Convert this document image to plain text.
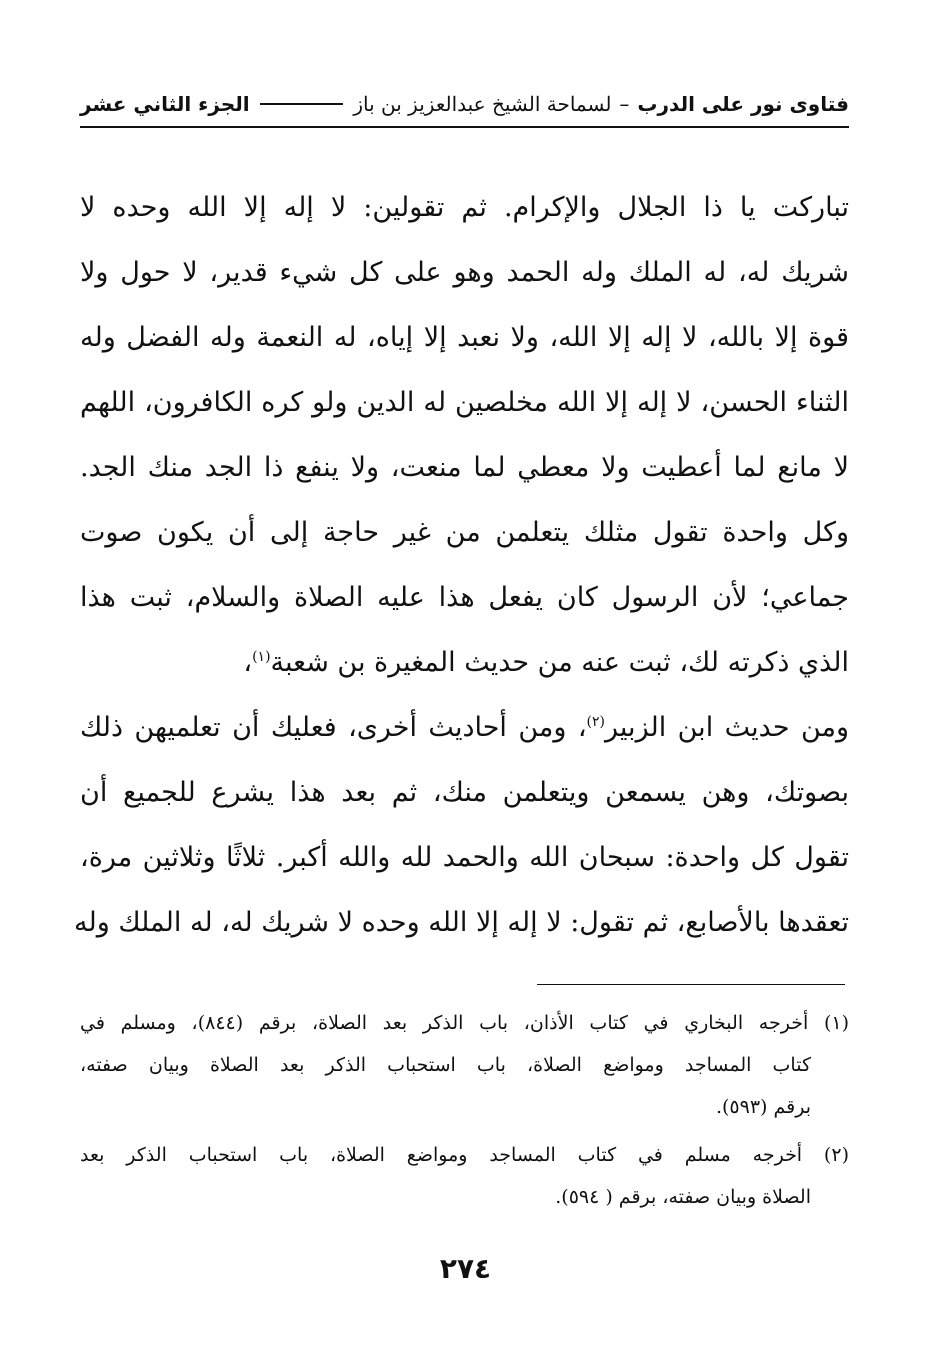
فتاوى نور على الدرب
–
لسماحة الشيخ عبدالعزيز بن باز
الجزء الثاني عشر
تباركت يا ذا الجلال والإكرام. ثم تقولين: لا إله إلا الله وحده لا
شريك له، له الملك وله الحمد وهو على كل شيء قدير، لا حول ولا
قوة إلا بالله، لا إله إلا الله، ولا نعبد إلا إياه، له النعمة وله الفضل وله
الثناء الحسن، لا إله إلا الله مخلصين له الدين ولو كره الكافرون، اللهم
لا مانع لما أعطيت ولا معطي لما منعت، ولا ينفع ذا الجد منك الجد.
وكل واحدة تقول مثلك يتعلمن من غير حاجة إلى أن يكون صوت
جماعي؛ لأن الرسول كان يفعل هذا عليه الصلاة والسلام، ثبت هذا
الذي ذكرته لك، ثبت عنه من حديث المغيرة بن شعبة$^{(١)}$،
ومن حديث ابن الزبير$^{(٢)}$، ومن أحاديث أخرى، فعليك أن تعلميهن ذلك
بصوتك، وهن يسمعن ويتعلمن منك، ثم بعد هذا يشرع للجميع أن
تقول كل واحدة: سبحان الله والحمد لله والله أكبر. ثلاثًا وثلاثين مرة،
تعقدها بالأصابع، ثم تقول: لا إله إلا الله وحده لا شريك له، له الملك وله
(١) أخرجه البخاري في كتاب الأذان، باب الذكر بعد الصلاة، برقم (٨٤٤)، ومسلم في
كتاب المساجد ومواضع الصلاة، باب استحباب الذكر بعد الصلاة وبيان صفته،
برقم (٥٩٣).
(٢) أخرجه مسلم في كتاب المساجد ومواضع الصلاة، باب استحباب الذكر بعد
الصلاة وبيان صفته، برقم ( ٥٩٤).
٢٧٤
